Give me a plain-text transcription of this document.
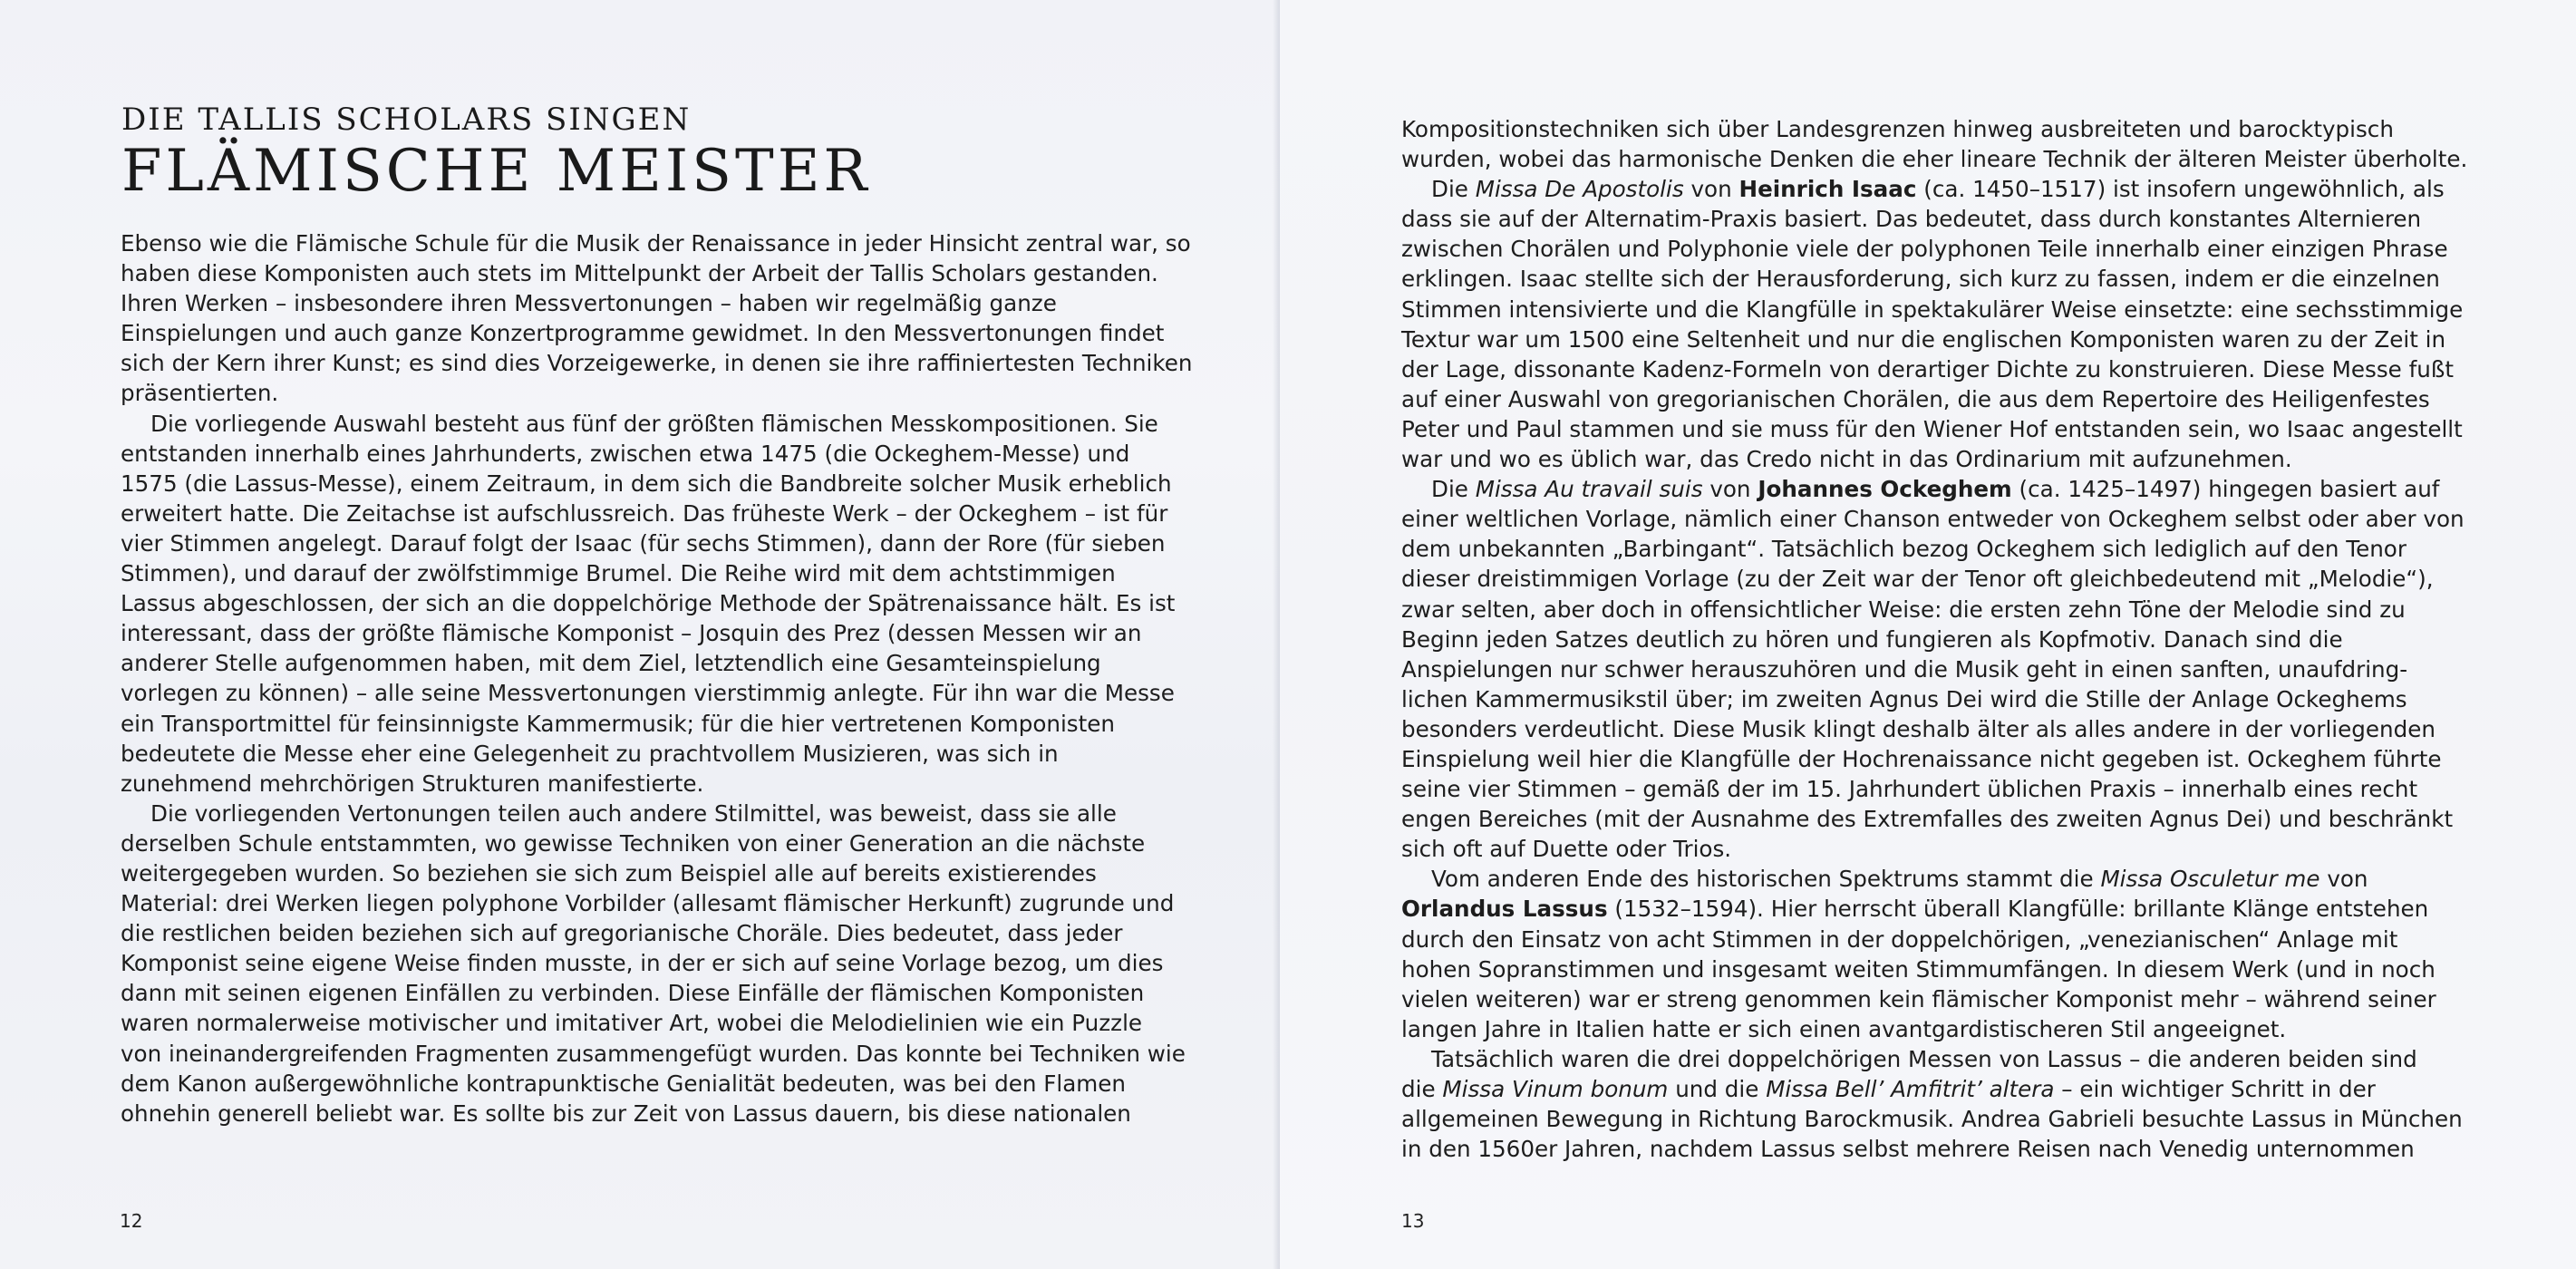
DIE TALLIS SCHOLARS SINGEN
FLÄMISCHE MEISTER
Ebenso wie die Flämische Schule für die Musik der Renaissance in jeder Hinsicht zentral war, so
haben diese Komponisten auch stets im Mittelpunkt der Arbeit der Tallis Scholars gestanden.
Ihren Werken – insbesondere ihren Messvertonungen – haben wir regelmäßig ganze
Einspielungen und auch ganze Konzertprogramme gewidmet. In den Messvertonungen findet
sich der Kern ihrer Kunst; es sind dies Vorzeigewerke, in denen sie ihre raffiniertesten Techniken
präsentierten.
Die vorliegende Auswahl besteht aus fünf der größten flämischen Messkompositionen. Sie
entstanden innerhalb eines Jahrhunderts, zwischen etwa 1475 (die Ockeghem-Messe) und
1575 (die Lassus-Messe), einem Zeitraum, in dem sich die Bandbreite solcher Musik erheblich
erweitert hatte. Die Zeitachse ist aufschlussreich. Das früheste Werk – der Ockeghem – ist für
vier Stimmen angelegt. Darauf folgt der Isaac (für sechs Stimmen), dann der Rore (für sieben
Stimmen), und darauf der zwölfstimmige Brumel. Die Reihe wird mit dem achtstimmigen
Lassus abgeschlossen, der sich an die doppelchörige Methode der Spätrenaissance hält. Es ist
interessant, dass der größte flämische Komponist – Josquin des Prez (dessen Messen wir an
anderer Stelle aufgenommen haben, mit dem Ziel, letztendlich eine Gesamteinspielung
vorlegen zu können) – alle seine Messvertonungen vierstimmig anlegte. Für ihn war die Messe
ein Transportmittel für feinsinnigste Kammermusik; für die hier vertretenen Komponisten
bedeutete die Messe eher eine Gelegenheit zu prachtvollem Musizieren, was sich in
zunehmend mehrchörigen Strukturen manifestierte.
Die vorliegenden Vertonungen teilen auch andere Stilmittel, was beweist, dass sie alle
derselben Schule entstammten, wo gewisse Techniken von einer Generation an die nächste
weitergegeben wurden. So beziehen sie sich zum Beispiel alle auf bereits existierendes
Material: drei Werken liegen polyphone Vorbilder (allesamt flämischer Herkunft) zugrunde und
die restlichen beiden beziehen sich auf gregorianische Choräle. Dies bedeutet, dass jeder
Komponist seine eigene Weise finden musste, in der er sich auf seine Vorlage bezog, um dies
dann mit seinen eigenen Einfällen zu verbinden. Diese Einfälle der flämischen Komponisten
waren normalerweise motivischer und imitativer Art, wobei die Melodielinien wie ein Puzzle
von ineinandergreifenden Fragmenten zusammengefügt wurden. Das konnte bei Techniken wie
dem Kanon außergewöhnliche kontrapunktische Genialität bedeuten, was bei den Flamen
ohnehin generell beliebt war. Es sollte bis zur Zeit von Lassus dauern, bis diese nationalen
12
Kompositionstechniken sich über Landesgrenzen hinweg ausbreiteten und barocktypisch
wurden, wobei das harmonische Denken die eher lineare Technik der älteren Meister überholte.
Die Missa De Apostolis von Heinrich Isaac (ca. 1450–1517) ist insofern ungewöhnlich, als
dass sie auf der Alternatim-Praxis basiert. Das bedeutet, dass durch konstantes Alternieren
zwischen Chorälen und Polyphonie viele der polyphonen Teile innerhalb einer einzigen Phrase
erklingen. Isaac stellte sich der Herausforderung, sich kurz zu fassen, indem er die einzelnen
Stimmen intensivierte und die Klangfülle in spektakulärer Weise einsetzte: eine sechsstimmige
Textur war um 1500 eine Seltenheit und nur die englischen Komponisten waren zu der Zeit in
der Lage, dissonante Kadenz-Formeln von derartiger Dichte zu konstruieren. Diese Messe fußt
auf einer Auswahl von gregorianischen Chorälen, die aus dem Repertoire des Heiligenfestes
Peter und Paul stammen und sie muss für den Wiener Hof entstanden sein, wo Isaac angestellt
war und wo es üblich war, das Credo nicht in das Ordinarium mit aufzunehmen.
Die Missa Au travail suis von Johannes Ockeghem (ca. 1425–1497) hingegen basiert auf
einer weltlichen Vorlage, nämlich einer Chanson entweder von Ockeghem selbst oder aber von
dem unbekannten „Barbingant“. Tatsächlich bezog Ockeghem sich lediglich auf den Tenor
dieser dreistimmigen Vorlage (zu der Zeit war der Tenor oft gleichbedeutend mit „Melodie“),
zwar selten, aber doch in offensichtlicher Weise: die ersten zehn Töne der Melodie sind zu
Beginn jeden Satzes deutlich zu hören und fungieren als Kopfmotiv. Danach sind die
Anspielungen nur schwer herauszuhören und die Musik geht in einen sanften, unaufdring-
lichen Kammermusikstil über; im zweiten Agnus Dei wird die Stille der Anlage Ockeghems
besonders verdeutlicht. Diese Musik klingt deshalb älter als alles andere in der vorliegenden
Einspielung weil hier die Klangfülle der Hochrenaissance nicht gegeben ist. Ockeghem führte
seine vier Stimmen – gemäß der im 15. Jahrhundert üblichen Praxis – innerhalb eines recht
engen Bereiches (mit der Ausnahme des Extremfalles des zweiten Agnus Dei) und beschränkt
sich oft auf Duette oder Trios.
Vom anderen Ende des historischen Spektrums stammt die Missa Osculetur me von
Orlandus Lassus (1532–1594). Hier herrscht überall Klangfülle: brillante Klänge entstehen
durch den Einsatz von acht Stimmen in der doppelchörigen, „venezianischen“ Anlage mit
hohen Sopranstimmen und insgesamt weiten Stimmumfängen. In diesem Werk (und in noch
vielen weiteren) war er streng genommen kein flämischer Komponist mehr – während seiner
langen Jahre in Italien hatte er sich einen avantgardistischeren Stil angeeignet.
Tatsächlich waren die drei doppelchörigen Messen von Lassus – die anderen beiden sind
die Missa Vinum bonum und die Missa Bell’ Amfitrit’ altera – ein wichtiger Schritt in der
allgemeinen Bewegung in Richtung Barockmusik. Andrea Gabrieli besuchte Lassus in München
in den 1560er Jahren, nachdem Lassus selbst mehrere Reisen nach Venedig unternommen
13
